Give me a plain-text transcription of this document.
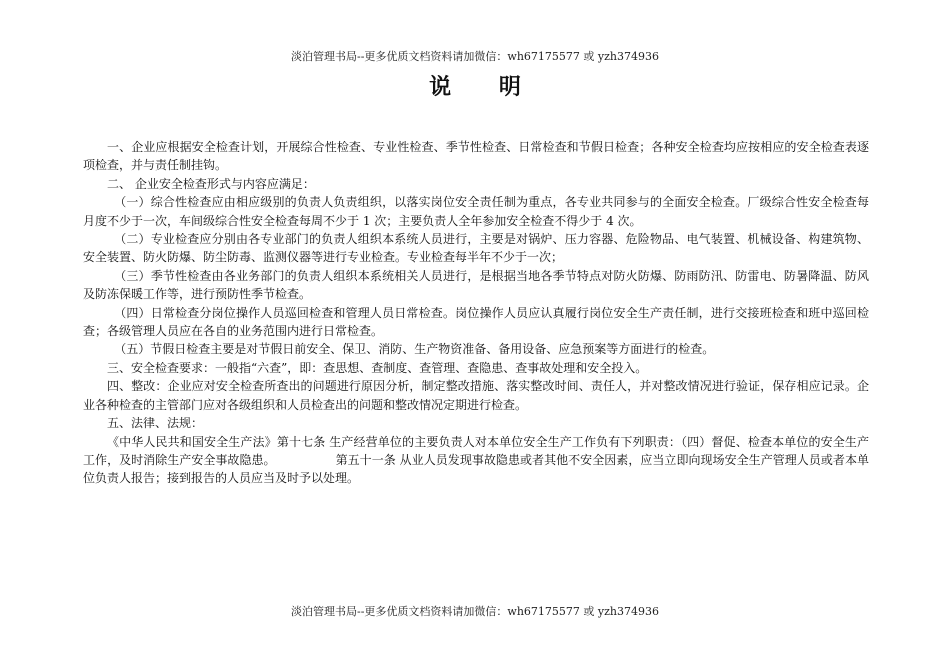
淡泊管理书局--更多优质文档资料请加微信：wh67175577 或 yzh374936
说 明

一、企业应根据安全检查计划，开展综合性检查、专业性检查、季节性检查、日常检查和节假日检查；各种安全检查均应按相应的安全检查表逐项检查，并与责任制挂钩。

二、 企业安全检查形式与内容应满足：

（一）综合性检查应由相应级别的负责人负责组织，以落实岗位安全责任制为重点，各专业共同参与的全面安全检查。厂级综合性安全检查每月度不少于一次，车间级综合性安全检查每周不少于 1 次；主要负责人全年参加安全检查不得少于 4 次。

（二）专业检查应分别由各专业部门的负责人组织本系统人员进行，主要是对锅炉、压力容器、危险物品、电气装置、机械设备、构建筑物、安全装置、防火防爆、防尘防毒、监测仪器等进行专业检查。专业检查每半年不少于一次；

（三）季节性检查由各业务部门的负责人组织本系统相关人员进行，是根据当地各季节特点对防火防爆、防雨防汛、防雷电、防暑降温、防风及防冻保暖工作等，进行预防性季节检查。

（四）日常检查分岗位操作人员巡回检查和管理人员日常检查。岗位操作人员应认真履行岗位安全生产责任制，进行交接班检查和班中巡回检查；各级管理人员应在各自的业务范围内进行日常检查。

（五）节假日检查主要是对节假日前安全、保卫、消防、生产物资准备、备用设备、应急预案等方面进行的检查。

三、安全检查要求：一般指“六查”，即：查思想、查制度、查管理、查隐患、查事故处理和安全投入。

四、整改：企业应对安全检查所查出的问题进行原因分析，制定整改措施、落实整改时间、责任人，并对整改情况进行验证，保存相应记录。企业各种检查的主管部门应对各级组织和人员检查出的问题和整改情况定期进行检查。

五、法律、法规：

《中华人民共和国安全生产法》第十七条 生产经营单位的主要负责人对本单位安全生产工作负有下列职责：（四）督促、检查本单位的安全生产工作，及时消除生产安全事故隐患。	第五十一条 从业人员发现事故隐患或者其他不安全因素，应当立即向现场安全生产管理人员或者本单位负责人报告；接到报告的人员应当及时予以处理。

淡泊管理书局--更多优质文档资料请加微信：wh67175577 或 yzh374936
